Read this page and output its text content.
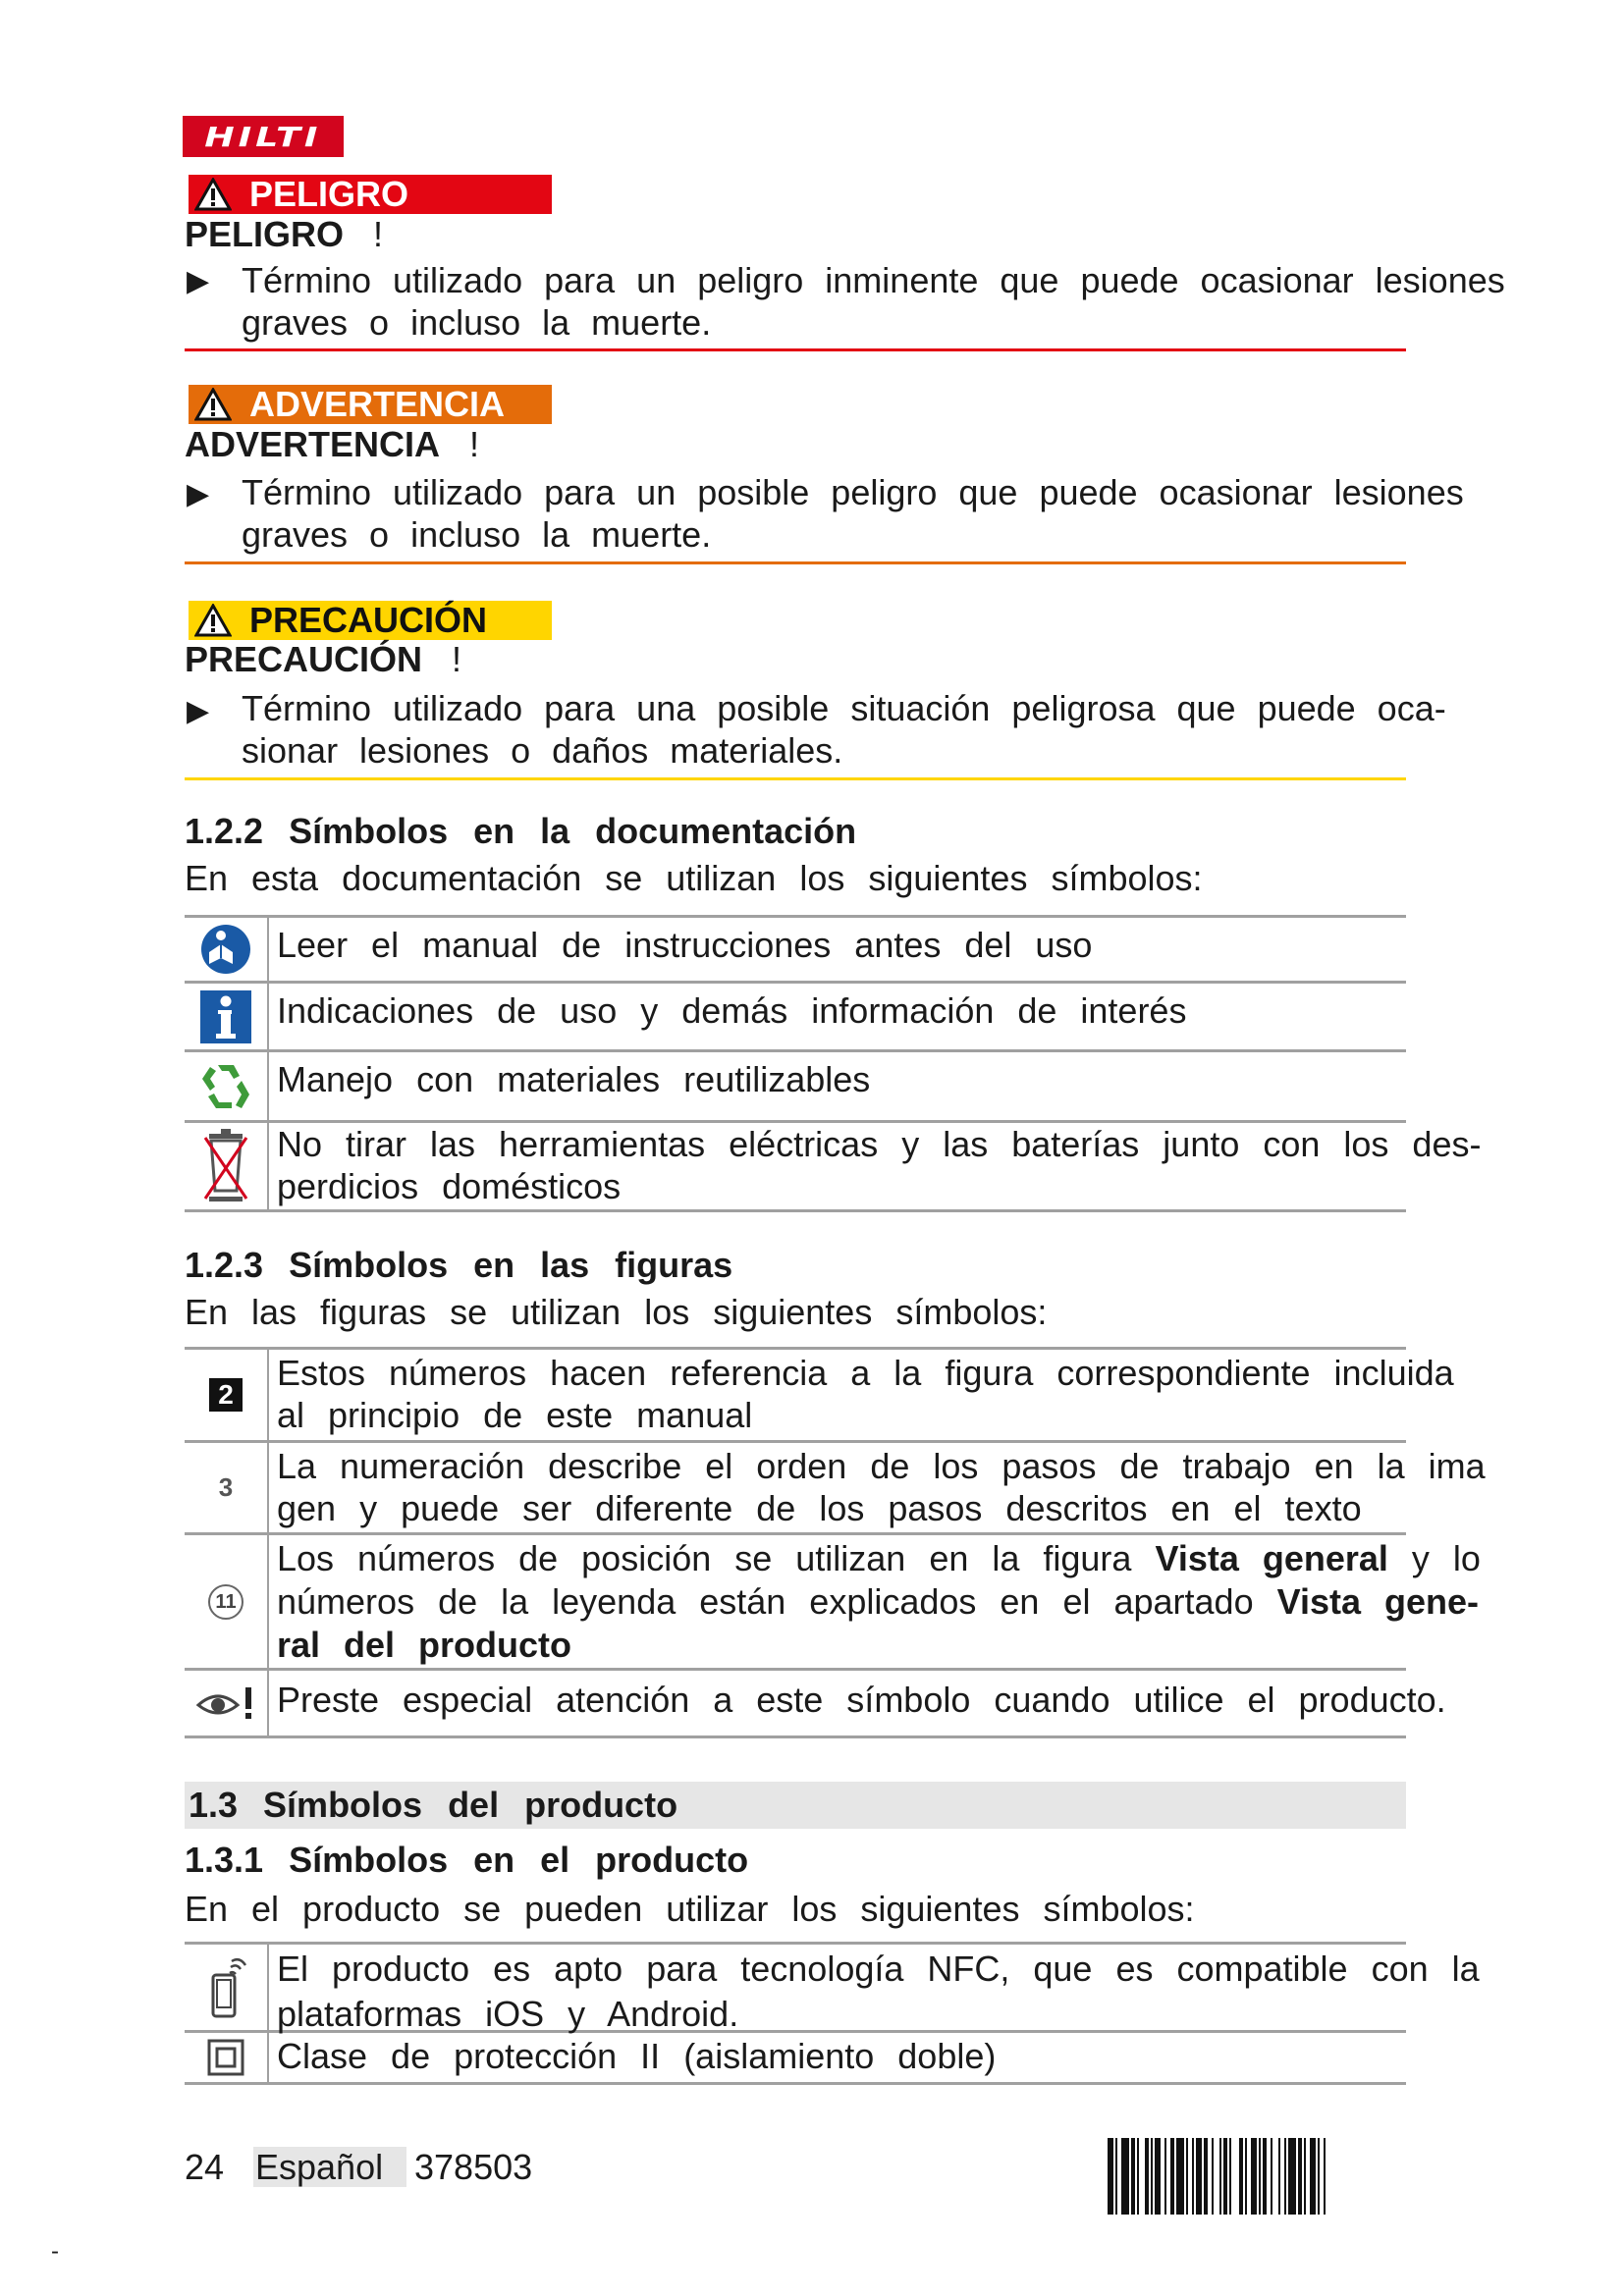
HILTI
PELIGRO
PELIGRO !
▶ Término utilizado para un peligro inminente que puede ocasionar lesiones
graves o incluso la muerte.
ADVERTENCIA
ADVERTENCIA !
▶ Término utilizado para un posible peligro que puede ocasionar lesiones
graves o incluso la muerte.
PRECAUCIÓN
PRECAUCIÓN !
▶ Término utilizado para una posible situación peligrosa que puede oca-
sionar lesiones o daños materiales.
1.2.2 Símbolos en la documentación
En esta documentación se utilizan los siguientes símbolos:
Leer el manual de instrucciones antes del uso
Indicaciones de uso y demás información de interés
Manejo con materiales reutilizables
No tirar las herramientas eléctricas y las baterías junto con los des-
perdicios domésticos
1.2.3 Símbolos en las figuras
En las figuras se utilizan los siguientes símbolos:
2
Estos números hacen referencia a la figura correspondiente incluida
al principio de este manual
3
La numeración describe el orden de los pasos de trabajo en la ima
gen y puede ser diferente de los pasos descritos en el texto
11
Los números de posición se utilizan en la figura Vista general y lo
números de la leyenda están explicados en el apartado Vista gene-
ral del producto
Preste especial atención a este símbolo cuando utilice el producto.
1.3 Símbolos del producto
1.3.1 Símbolos en el producto
En el producto se pueden utilizar los siguientes símbolos:
El producto es apto para tecnología NFC, que es compatible con la
plataformas iOS y Android.
Clase de protección II (aislamiento doble)
24 Español 378503
-
